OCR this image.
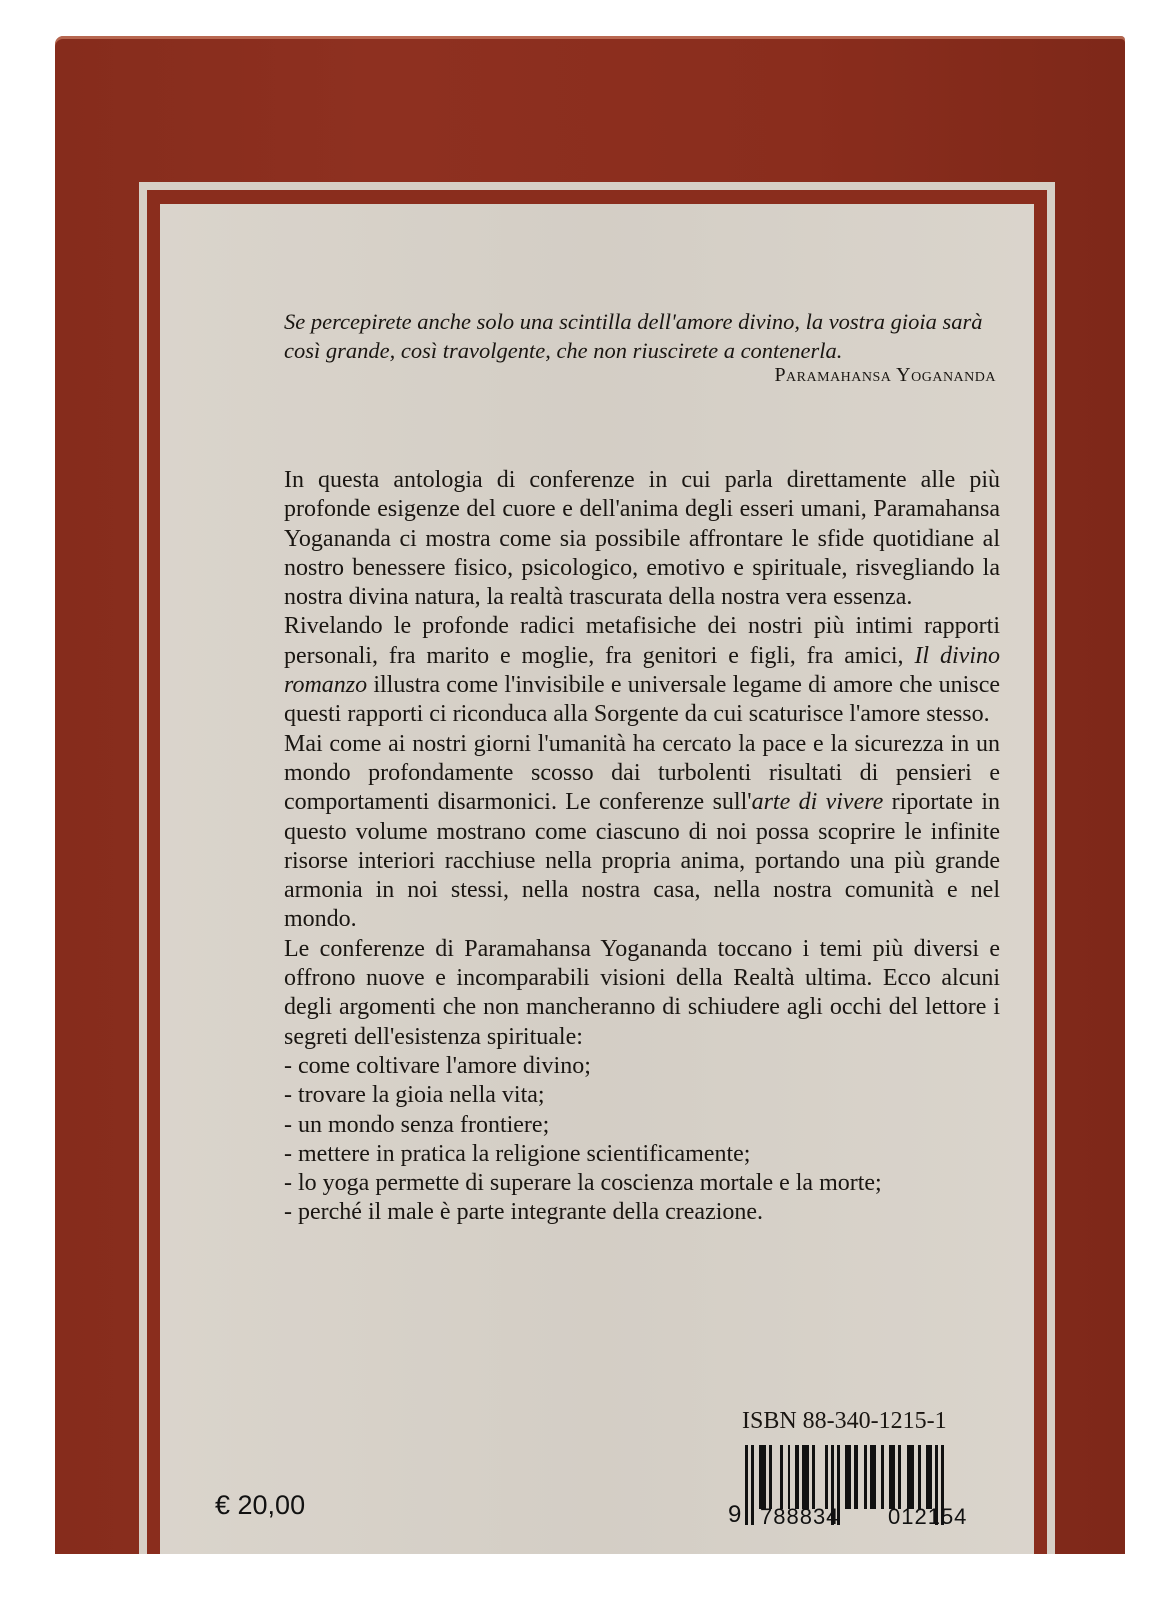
Se percepirete anche solo una scintilla dell'amore divino, la vostra gioia sarà

così grande, così travolgente, che non riuscirete a contenerla.

Paramahansa Yogananda

In questa antologia di conferenze in cui parla direttamente alle più profonde esigenze del cuore e dell'anima degli esseri umani, Paramahansa Yogananda ci mostra come sia possibile affrontare le sfide quotidiane al nostro benessere fisico, psicologico, emotivo e spirituale, risvegliando la nostra divina natura, la realtà trascurata della nostra vera essenza.

Rivelando le profonde radici metafisiche dei nostri più intimi rapporti personali, fra marito e moglie, fra genitori e figli, fra amici, Il divino romanzo illustra come l'invisibile e universale legame di amore che unisce questi rapporti ci riconduca alla Sorgente da cui scaturisce l'amore stesso.

Mai come ai nostri giorni l'umanità ha cercato la pace e la sicurezza in un mondo profondamente scosso dai turbolenti risultati di pensieri e comportamenti disarmonici. Le conferenze sull'arte di vivere riportate in questo volume mostrano come ciascuno di noi possa scoprire le infinite risorse interiori racchiuse nella propria anima, portando una più grande armonia in noi stessi, nella nostra casa, nella nostra comunità e nel mondo.

Le conferenze di Paramahansa Yogananda toccano i temi più diversi e offrono nuove e incomparabili visioni della Realtà ultima. Ecco alcuni degli argomenti che non mancheranno di schiudere agli occhi del lettore i segreti dell'esistenza spirituale:

- come coltivare l'amore divino;
- trovare la gioia nella vita;
- un mondo senza frontiere;
- mettere in pratica la religione scientificamente;
- lo yoga permette di superare la coscienza mortale e la morte;
- perché il male è parte integrante della creazione.
ISBN 88-340-1215-1
9 788834 012154
€ 20,00
